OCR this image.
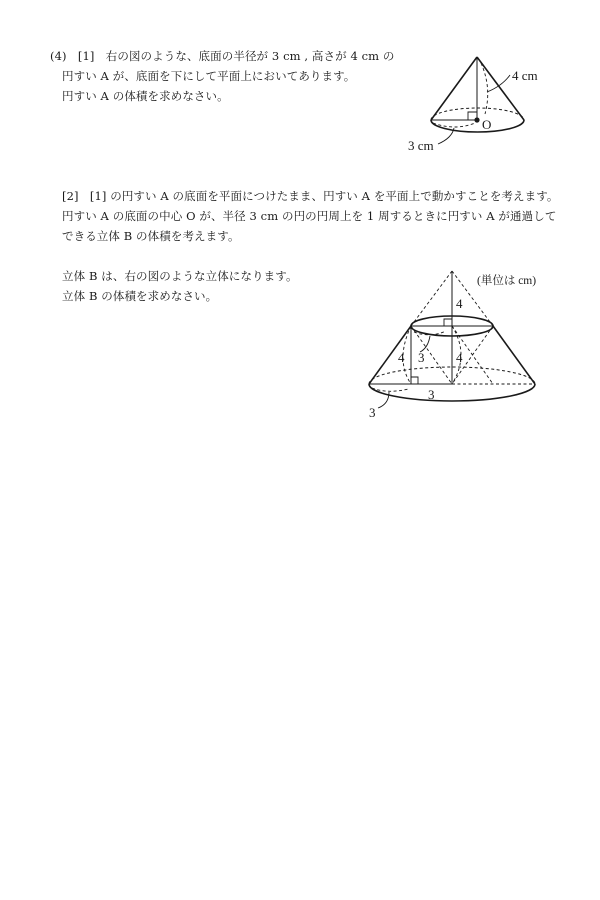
(4) [1] 右の図のような、底面の半径が 3 cm , 高さが 4 cm の
円すい A が、底面を下にして平面上においてあります。
円すい A の体積を求めなさい。
4 cm
3 cm
O
[2] [1] の円すい A の底面を平面につけたまま、円すい A を平面上で動かすことを考えます。
円すい A の底面の中心 O が、半径 3 cm の円の円周上を 1 周するときに円すい A が通過して
できる立体 B の体積を考えます。
立体 B は、右の図のような立体になります。
立体 B の体積を求めなさい。
(単位は cm)
4
3
4	4
3
3
